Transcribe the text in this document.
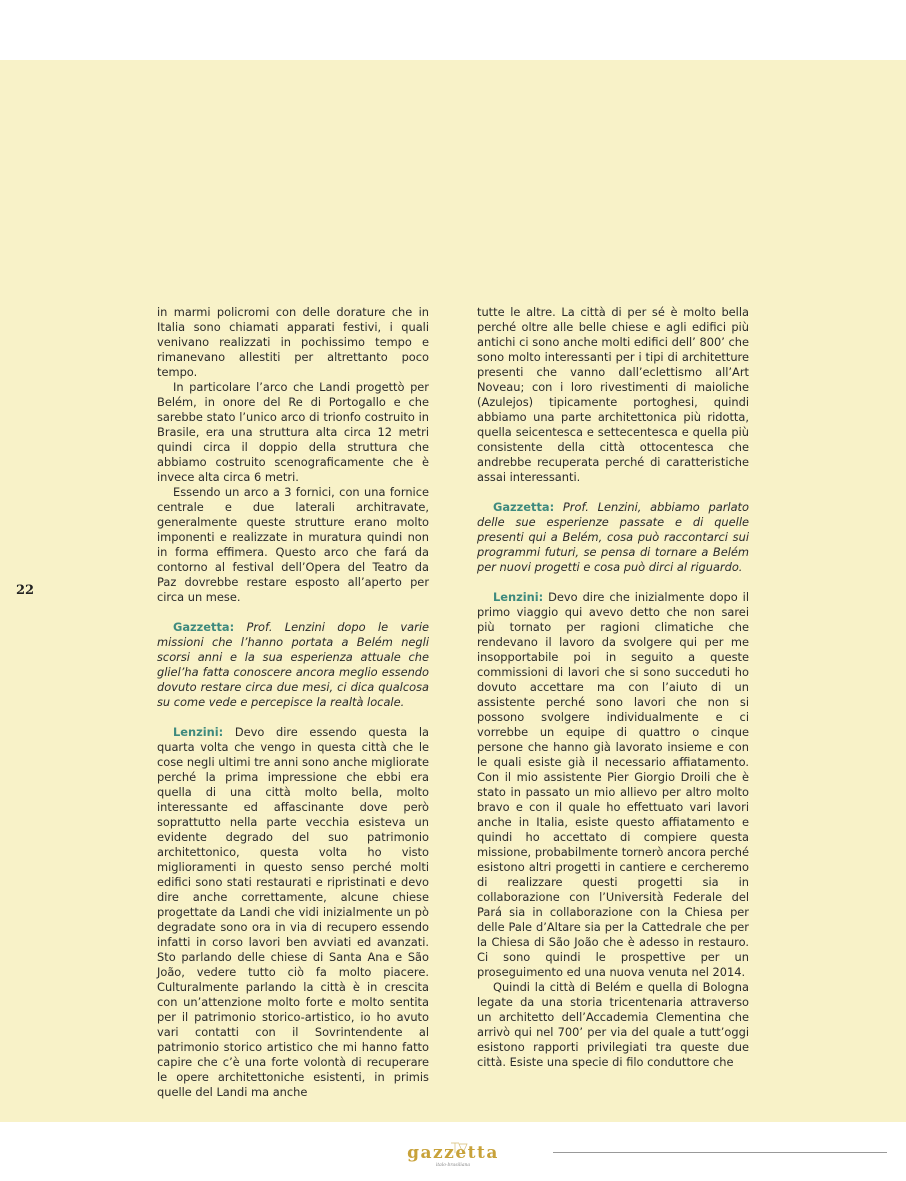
22

in marmi policromi con delle dorature che in Italia sono chiamati apparati festivi, i quali venivano realizzati in pochissimo tempo e rimanevano allestiti per altrettanto poco tempo.

In particolare l’arco che Landi progettò per Belém, in onore del Re di Portogallo e che sarebbe stato l’unico arco di trionfo costruito in Brasile, era una struttura alta circa 12 metri quindi circa il doppio della struttura che abbiamo costruito scenograficamente che è invece alta circa 6 metri.

Essendo un arco a 3 fornici, con una fornice centrale e due laterali architravate, generalmente queste strutture erano molto imponenti e realizzate in muratura quindi non in forma effimera. Questo arco che fará da contorno al festival dell’Opera del Teatro da Paz dovrebbe restare esposto all’aperto per circa un mese.

Gazzetta: Prof. Lenzini dopo le varie missioni che l’hanno portata a Belém negli scorsi anni e la sua esperienza attuale che gliel’ha fatta conoscere ancora meglio essendo dovuto restare circa due mesi, ci dica qualcosa su come vede e percepisce la realtà locale.

Lenzini: Devo dire essendo questa la quarta volta che vengo in questa città che le cose negli ultimi tre anni sono anche migliorate perché la prima impressione che ebbi era quella di una città molto bella, molto interessante ed affascinante dove però soprattutto nella parte vecchia esisteva un evidente degrado del suo patrimonio architettonico, questa volta ho visto miglioramenti in questo senso perché molti edifici sono stati restaurati e ripristinati e devo dire anche correttamente, alcune chiese progettate da Landi che vidi inizialmente un pò degradate sono ora in via di recupero essendo infatti in corso lavori ben avviati ed avanzati. Sto parlando delle chiese di Santa Ana e São João, vedere tutto ciò fa molto piacere. Culturalmente parlando la città è in crescita con un’attenzione molto forte e molto sentita per il patrimonio storico-artistico, io ho avuto vari contatti con il Sovrintendente al patrimonio storico artistico che mi hanno fatto capire che c’è una forte volontà di recuperare le opere architettoniche esistenti, in primis quelle del Landi ma anche

tutte le altre. La città di per sé è molto bella perché oltre alle belle chiese e agli edifici più antichi ci sono anche molti edifici dell’ 800’ che sono molto interessanti per i tipi di architetture presenti che vanno dall’eclettismo all’Art Noveau; con i loro rivestimenti di maioliche (Azulejos) tipicamente portoghesi, quindi abbiamo una parte architettonica più ridotta, quella seicentesca e settecentesca e quella più consistente della città ottocentesca che andrebbe recuperata perché di caratteristiche assai interessanti.

Gazzetta: Prof. Lenzini, abbiamo parlato delle sue esperienze passate e di quelle presenti qui a Belém, cosa può raccontarci sui programmi futuri, se pensa di tornare a Belém per nuovi progetti e cosa può dirci al riguardo.

Lenzini: Devo dire che inizialmente dopo il primo viaggio qui avevo detto che non sarei più tornato per ragioni climatiche che rendevano il lavoro da svolgere qui per me insopportabile poi in seguito a queste commissioni di lavori che si sono succeduti ho dovuto accettare ma con l’aiuto di un assistente perché sono lavori che non si possono svolgere individualmente e ci vorrebbe un equipe di quattro o cinque persone che hanno già lavorato insieme e con le quali esiste già il necessario affiatamento. Con il mio assistente Pier Giorgio Droili che è stato in passato un mio allievo per altro molto bravo e con il quale ho effettuato vari lavori anche in Italia, esiste questo affiatamento e quindi ho accettato di compiere questa missione, probabilmente tornerò ancora perché esistono altri progetti in cantiere e cercheremo di realizzare questi progetti sia in collaborazione con l’Università Federale del Pará sia in collaborazione con la Chiesa per delle Pale d’Altare sia per la Cattedrale che per la Chiesa di São João che è adesso in restauro. Ci sono quindi le prospettive per un proseguimento ed una nuova venuta nel 2014.

Quindi la città di Belém e quella di Bologna legate da una storia tricentenaria attraverso un architetto dell’Accademia Clementina che arrivò qui nel 700’ per via del quale a tutt’oggi esistono rapporti privilegiati tra queste due città. Esiste una specie di filo conduttore che

gazzetta
italo-brasiliana
